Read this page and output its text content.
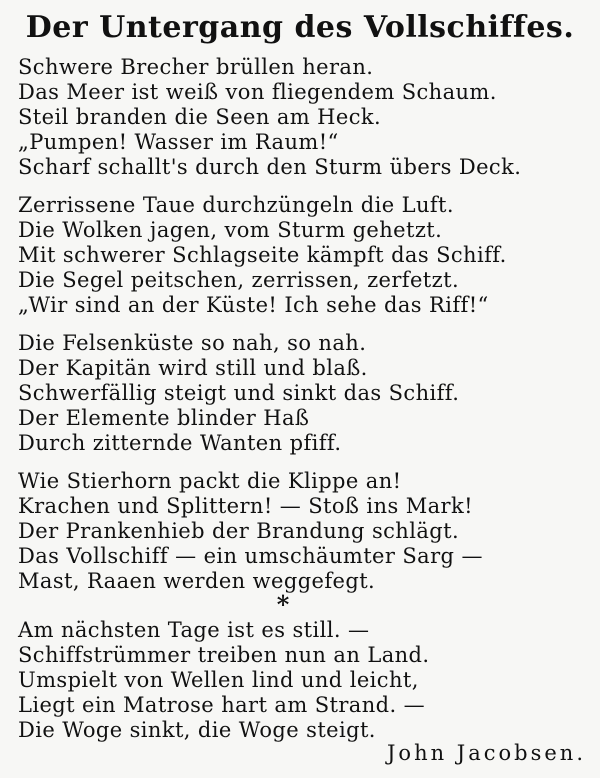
Der Untergang des Vollschiffes.
Schwere Brecher brüllen heran.
Das Meer ist weiß von fliegendem Schaum.
Steil branden die Seen am Heck.
„Pumpen! Wasser im Raum!“
Scharf schallt's durch den Sturm übers Deck.
Zerrissene Taue durchzüngeln die Luft.
Die Wolken jagen, vom Sturm gehetzt.
Mit schwerer Schlagseite kämpft das Schiff.
Die Segel peitschen, zerrissen, zerfetzt.
„Wir sind an der Küste! Ich sehe das Riff!“
Die Felsenküste so nah, so nah.
Der Kapitän wird still und blaß.
Schwerfällig steigt und sinkt das Schiff.
Der Elemente blinder Haß
Durch zitternde Wanten pfiff.
Wie Stierhorn packt die Klippe an!
Krachen und Splittern! — Stoß ins Mark!
Der Prankenhieb der Brandung schlägt.
Das Vollschiff — ein umschäumter Sarg —
Mast, Raaen werden weggefegt.
*
Am nächsten Tage ist es still. —
Schiffstrümmer treiben nun an Land.
Umspielt von Wellen lind und leicht,
Liegt ein Matrose hart am Strand. —
Die Woge sinkt, die Woge steigt.
John Jacobsen.
